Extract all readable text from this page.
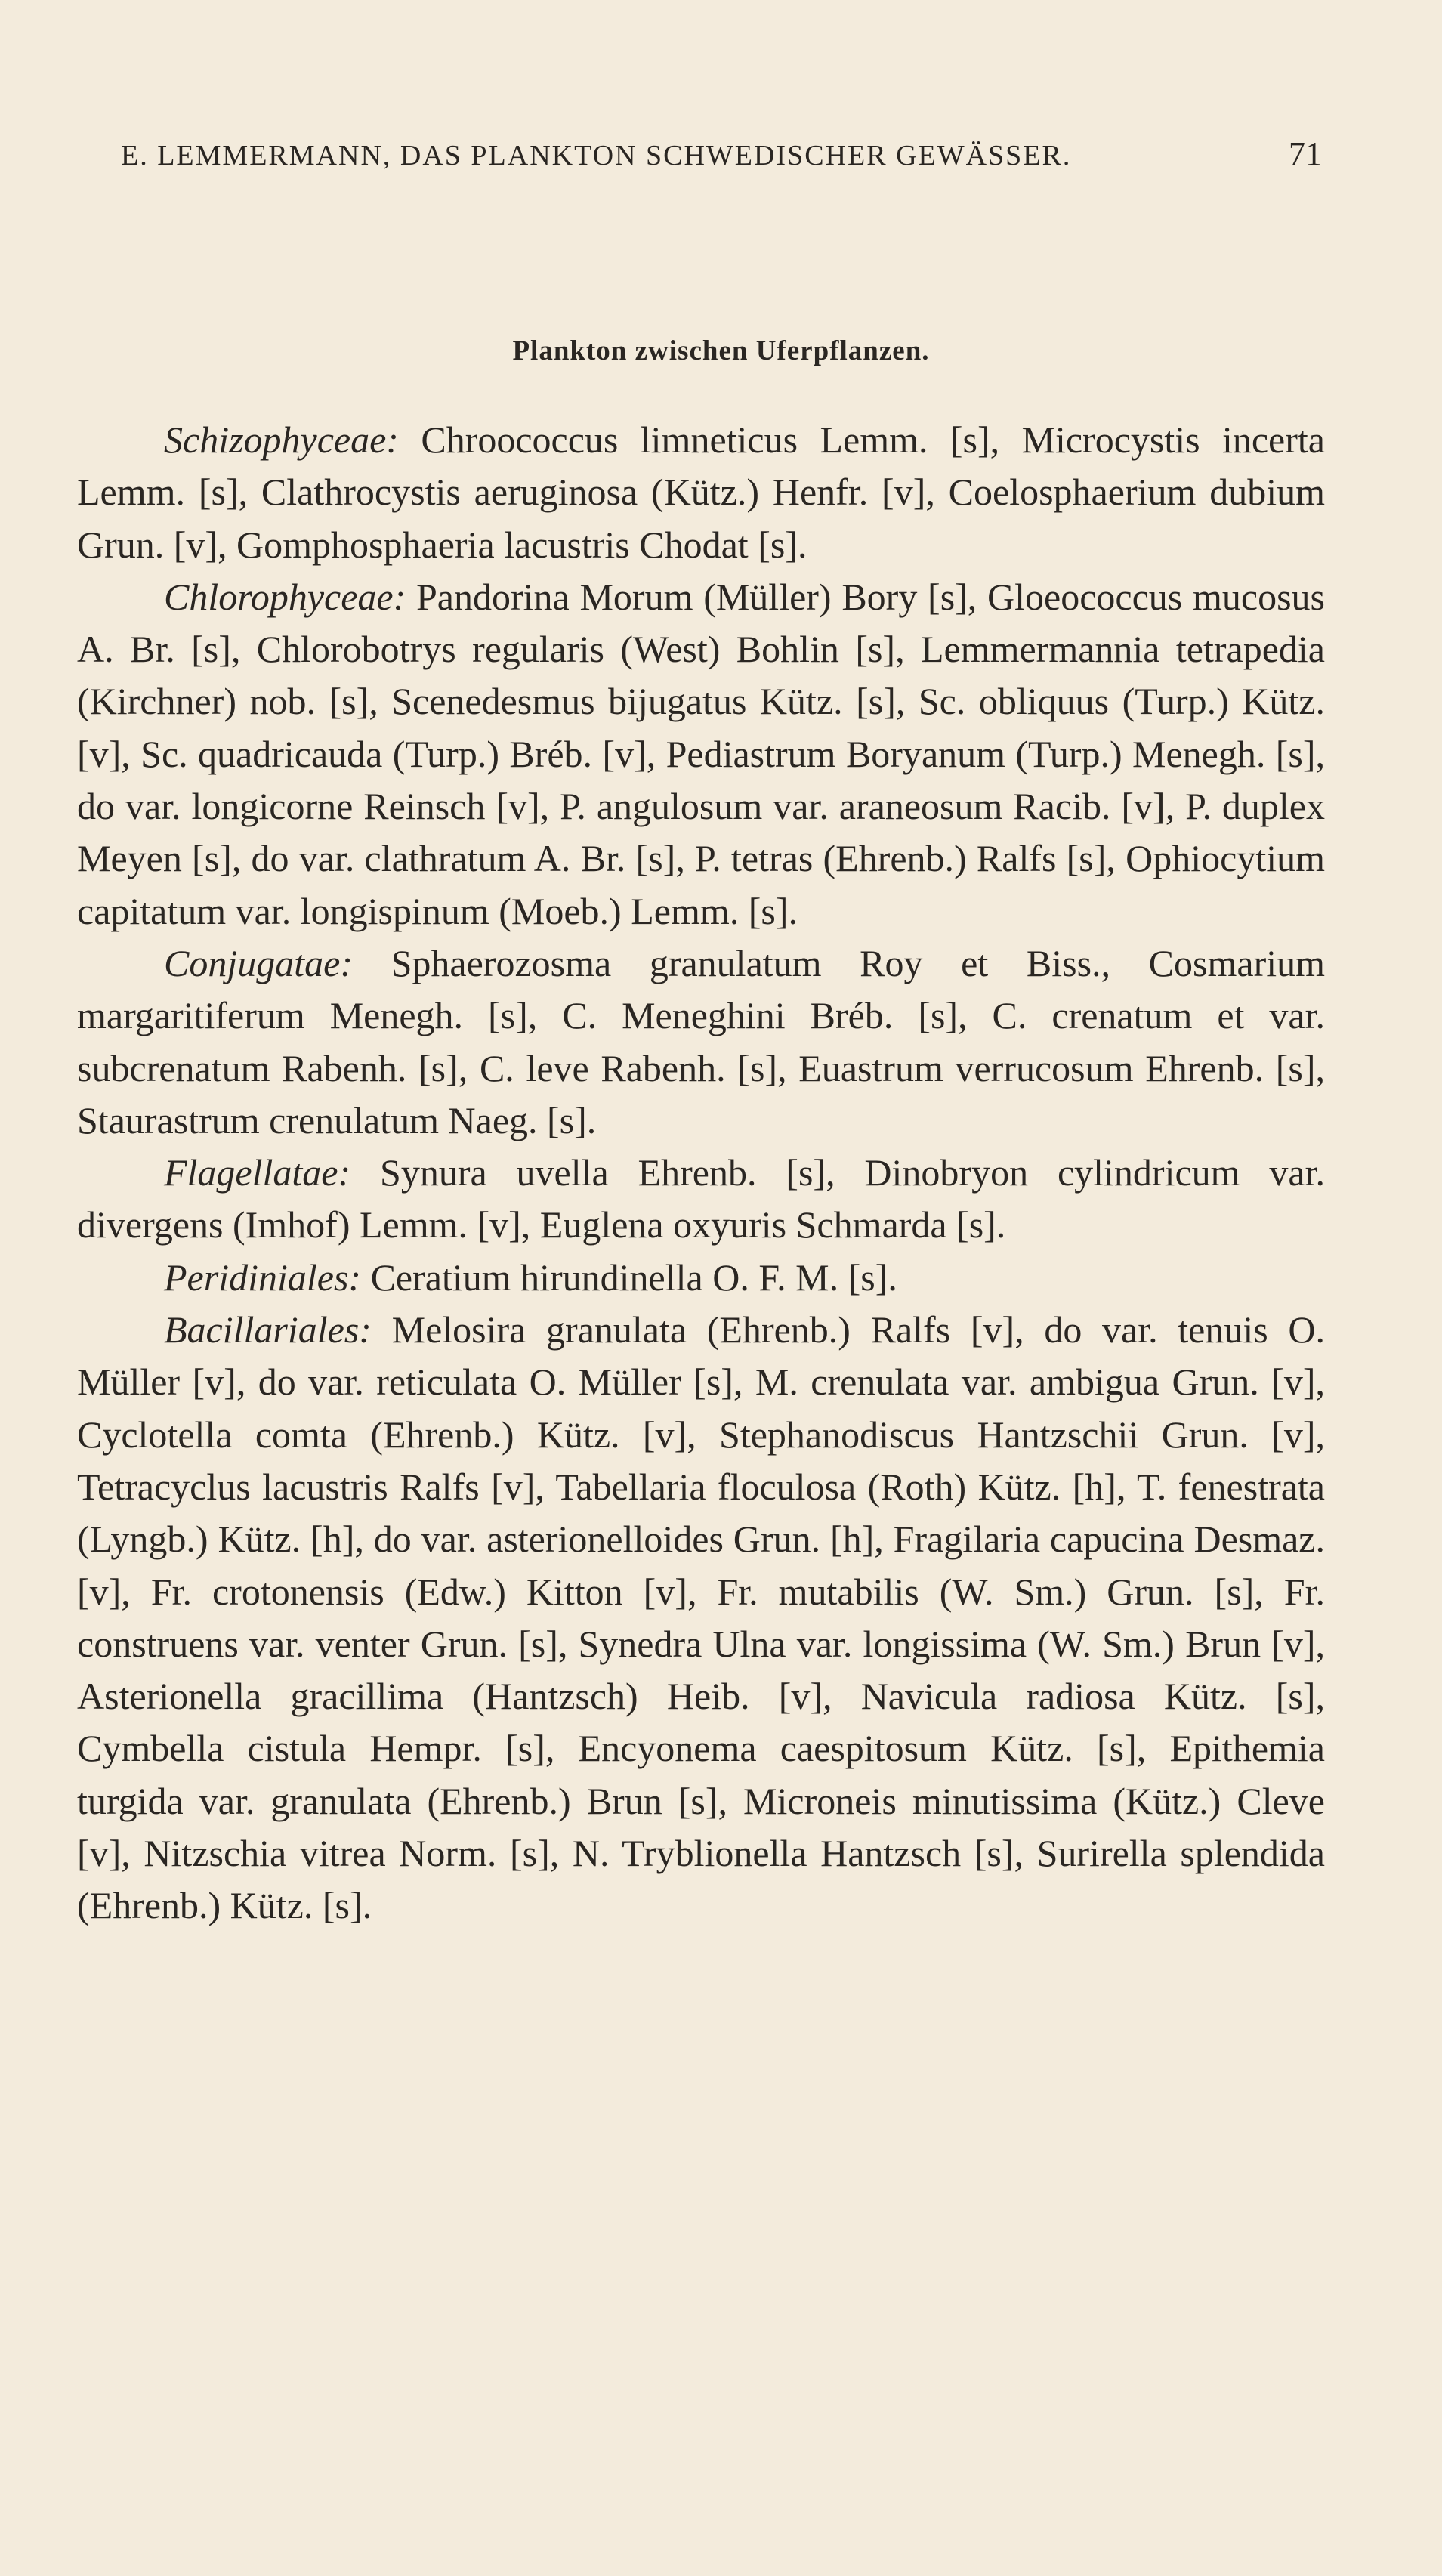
E. LEMMERMANN, DAS PLANKTON SCHWEDISCHER GEWÄSSER.	71
Plankton zwischen Uferpflanzen.

Schizophyceae: Chroococcus limneticus Lemm. [s], Microcystis incerta Lemm. [s], Clathrocystis aeruginosa (Kütz.) Henfr. [v], Coelosphaerium dubium Grun. [v], Gomphosphaeria lacustris Chodat [s].

Chlorophyceae: Pandorina Morum (Müller) Bory [s], Gloeococcus mucosus A. Br. [s], Chlorobotrys regularis (West) Bohlin [s], Lemmermannia tetrapedia (Kirchner) nob. [s], Scenedesmus bijugatus Kütz. [s], Sc. obliquus (Turp.) Kütz. [v], Sc. quadricauda (Turp.) Bréb. [v], Pediastrum Boryanum (Turp.) Menegh. [s], do var. longicorne Reinsch [v], P. angulosum var. araneosum Racib. [v], P. duplex Meyen [s], do var. clathratum A. Br. [s], P. tetras (Ehrenb.) Ralfs [s], Ophiocytium capitatum var. longispinum (Moeb.) Lemm. [s].

Conjugatae: Sphaerozosma granulatum Roy et Biss., Cosmarium margaritiferum Menegh. [s], C. Meneghini Bréb. [s], C. crenatum et var. subcrenatum Rabenh. [s], C. leve Rabenh. [s], Euastrum verrucosum Ehrenb. [s], Staurastrum crenulatum Naeg. [s].

Flagellatae: Synura uvella Ehrenb. [s], Dinobryon cylindricum var. divergens (Imhof) Lemm. [v], Euglena oxyuris Schmarda [s].

Peridiniales: Ceratium hirundinella O. F. M. [s].

Bacillariales: Melosira granulata (Ehrenb.) Ralfs [v], do var. tenuis O. Müller [v], do var. reticulata O. Müller [s], M. crenulata var. ambigua Grun. [v], Cyclotella comta (Ehrenb.) Kütz. [v], Stephanodiscus Hantzschii Grun. [v], Tetracyclus lacustris Ralfs [v], Tabellaria floculosa (Roth) Kütz. [h], T. fenestrata (Lyngb.) Kütz. [h], do var. asterionelloides Grun. [h], Fragilaria capucina Desmaz. [v], Fr. crotonensis (Edw.) Kitton [v], Fr. mutabilis (W. Sm.) Grun. [s], Fr. construens var. venter Grun. [s], Synedra Ulna var. longissima (W. Sm.) Brun [v], Asterionella gracillima (Hantzsch) Heib. [v], Navicula radiosa Kütz. [s], Cymbella cistula Hempr. [s], Encyonema caespitosum Kütz. [s], Epithemia turgida var. granulata (Ehrenb.) Brun [s], Microneis minutissima (Kütz.) Cleve [v], Nitzschia vitrea Norm. [s], N. Tryblionella Hantzsch [s], Surirella splendida (Ehrenb.) Kütz. [s].
